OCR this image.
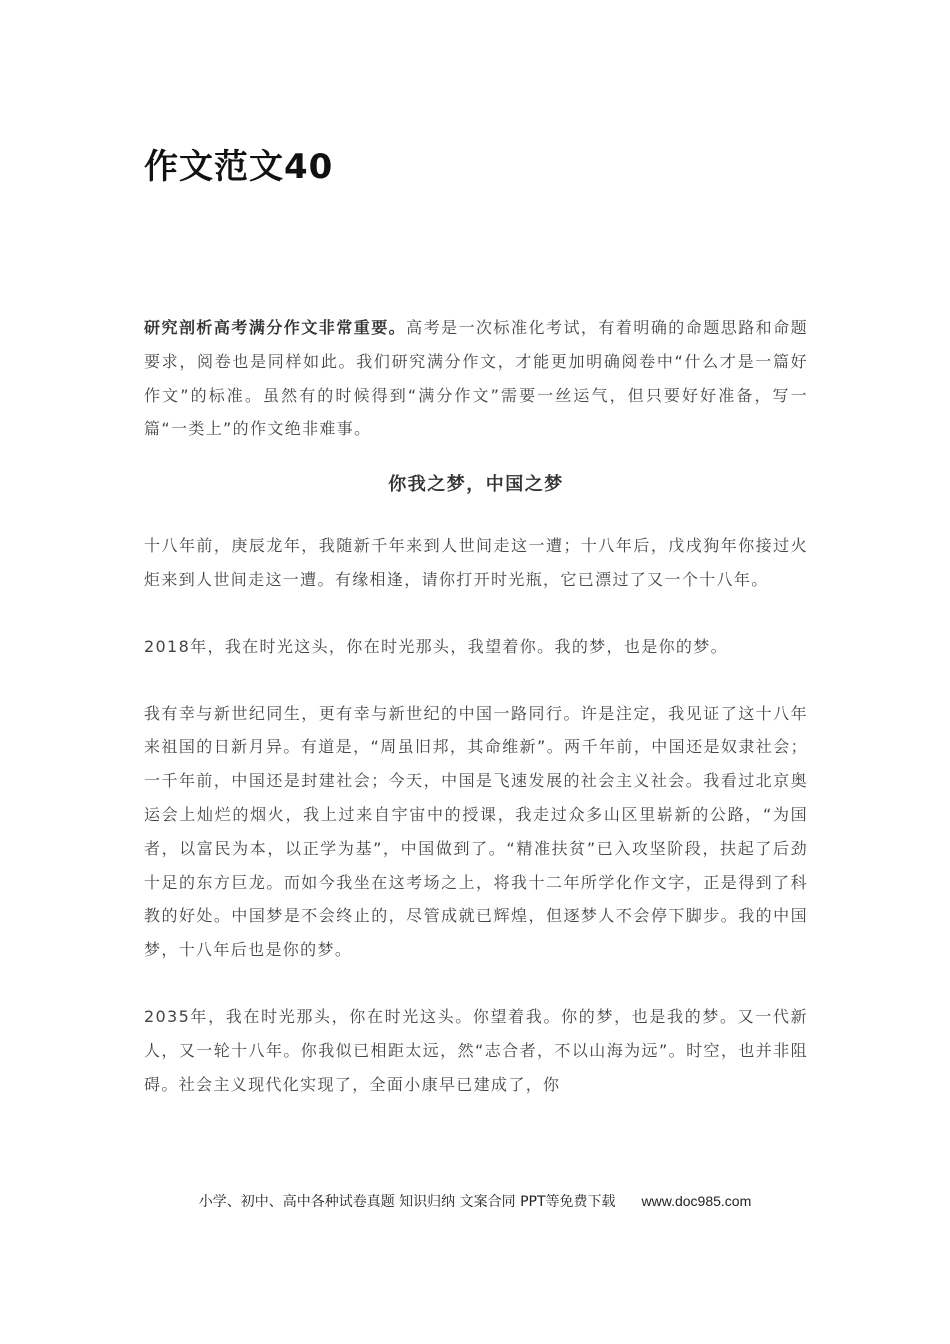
作文范文40

研究剖析高考满分作文非常重要。高考是一次标准化考试，有着明确的命题思路和命题要求，阅卷也是同样如此。我们研究满分作文，才能更加明确阅卷中“什么才是一篇好作文”的标准。虽然有的时候得到“满分作文”需要一丝运气，但只要好好准备，写一篇“一类上”的作文绝非难事。

你我之梦，中国之梦

十八年前，庚辰龙年，我随新千年来到人世间走这一遭；十八年后，戊戌狗年你接过火炬来到人世间走这一遭。有缘相逢，请你打开时光瓶，它已漂过了又一个十八年。

2018年，我在时光这头，你在时光那头，我望着你。我的梦，也是你的梦。

我有幸与新世纪同生，更有幸与新世纪的中国一路同行。许是注定，我见证了这十八年来祖国的日新月异。有道是，“周虽旧邦，其命维新”。两千年前，中国还是奴隶社会；一千年前，中国还是封建社会；今天，中国是飞速发展的社会主义社会。我看过北京奥运会上灿烂的烟火，我上过来自宇宙中的授课，我走过众多山区里崭新的公路，“为国者，以富民为本，以正学为基”，中国做到了。“精准扶贫”已入攻坚阶段，扶起了后劲十足的东方巨龙。而如今我坐在这考场之上，将我十二年所学化作文字，正是得到了科教的好处。中国梦是不会终止的，尽管成就已辉煌，但逐梦人不会停下脚步。我的中国梦，十八年后也是你的梦。

2035年，我在时光那头，你在时光这头。你望着我。你的梦，也是我的梦。又一代新人，又一轮十八年。你我似已相距太远，然“志合者，不以山海为远”。时空，也并非阻碍。社会主义现代化实现了，全面小康早已建成了，你

小学、初中、高中各种试卷真题 知识归纳 文案合同 PPT等免费下载 www.doc985.com
